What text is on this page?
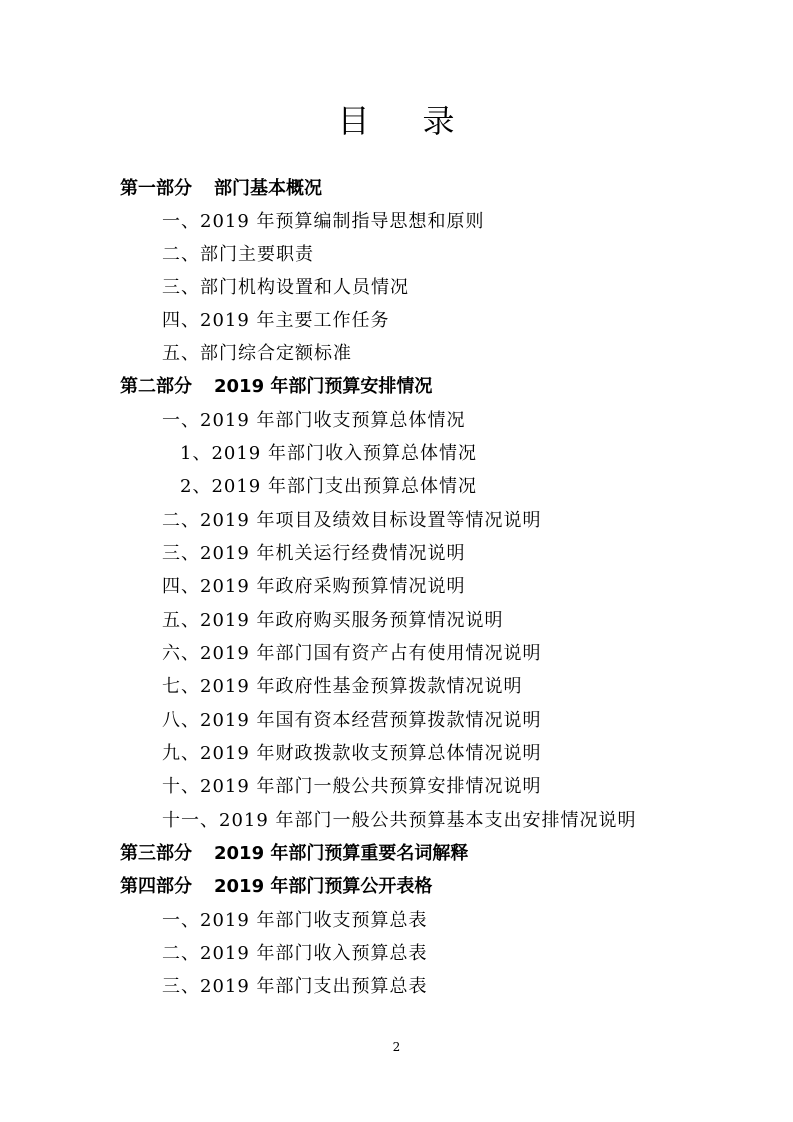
目 录
第一部分 部门基本概况
一、2019 年预算编制指导思想和原则
二、部门主要职责
三、部门机构设置和人员情况
四、2019 年主要工作任务
五、部门综合定额标准
第二部分 2019 年部门预算安排情况
一、2019 年部门收支预算总体情况
1、2019 年部门收入预算总体情况
2、2019 年部门支出预算总体情况
二、2019 年项目及绩效目标设置等情况说明
三、2019 年机关运行经费情况说明
四、2019 年政府采购预算情况说明
五、2019 年政府购买服务预算情况说明
六、2019 年部门国有资产占有使用情况说明
七、2019 年政府性基金预算拨款情况说明
八、2019 年国有资本经营预算拨款情况说明
九、2019 年财政拨款收支预算总体情况说明
十、2019 年部门一般公共预算安排情况说明
十一、2019 年部门一般公共预算基本支出安排情况说明
第三部分 2019 年部门预算重要名词解释
第四部分 2019 年部门预算公开表格
一、2019 年部门收支预算总表
二、2019 年部门收入预算总表
三、2019 年部门支出预算总表
2
